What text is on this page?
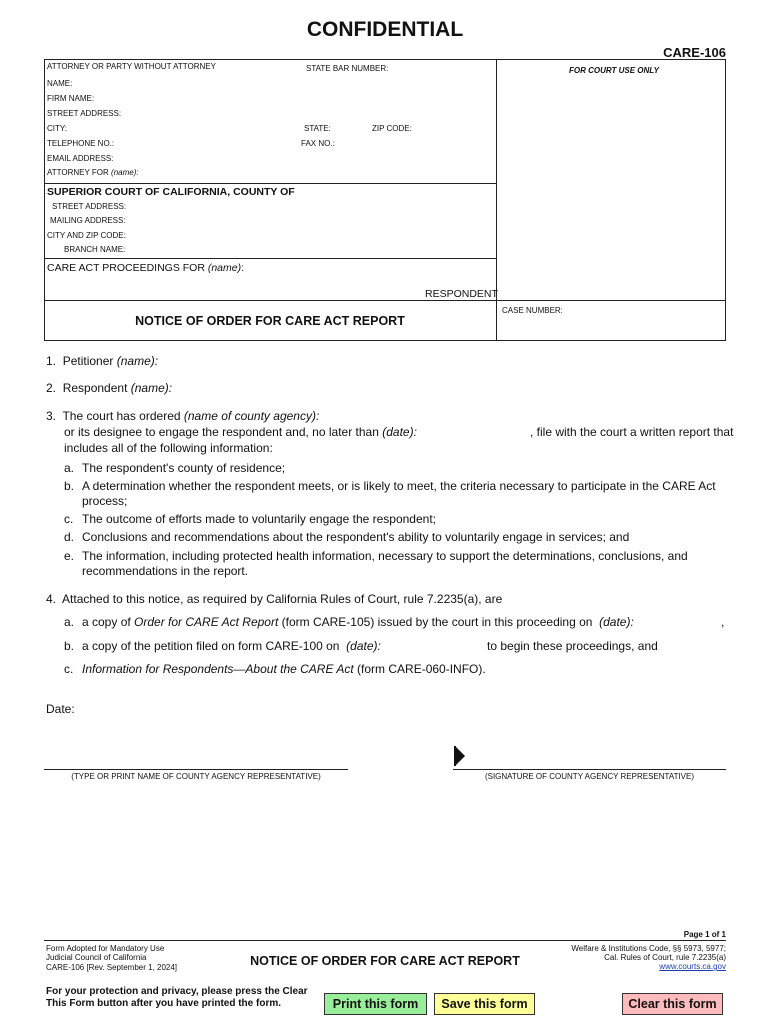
CONFIDENTIAL
CARE-106
ATTORNEY OR PARTY WITHOUT ATTORNEY	STATE BAR NUMBER:	FOR COURT USE ONLY
NAME:
FIRM NAME:
STREET ADDRESS:
CITY:	STATE:	ZIP CODE:
TELEPHONE NO.:	FAX NO.:
EMAIL ADDRESS:
ATTORNEY FOR (name):
SUPERIOR COURT OF CALIFORNIA, COUNTY OF
STREET ADDRESS:
MAILING ADDRESS:
CITY AND ZIP CODE:
BRANCH NAME:
CARE ACT PROCEEDINGS FOR (name):
RESPONDENT
CASE NUMBER:
NOTICE OF ORDER FOR CARE ACT REPORT
1. Petitioner (name):
2. Respondent (name):
3. The court has ordered (name of county agency):
or its designee to engage the respondent and, no later than (date):	, file with the court a written report that
includes all of the following information:
a. The respondent's county of residence;
b. A determination whether the respondent meets, or is likely to meet, the criteria necessary to participate in the CARE Act
process;
c. The outcome of efforts made to voluntarily engage the respondent;
d. Conclusions and recommendations about the respondent's ability to voluntarily engage in services; and
e. The information, including protected health information, necessary to support the determinations, conclusions, and
recommendations in the report.
4. Attached to this notice, as required by California Rules of Court, rule 7.2235(a), are
a. a copy of Order for CARE Act Report (form CARE-105) issued by the court in this proceeding on (date):	,
b. a copy of the petition filed on form CARE-100 on (date):	to begin these proceedings, and
c. Information for Respondents—About the CARE Act (form CARE-060-INFO).
Date:
(TYPE OR PRINT NAME OF COUNTY AGENCY REPRESENTATIVE)	(SIGNATURE OF COUNTY AGENCY REPRESENTATIVE)
Page 1 of 1
Form Adopted for Mandatory Use
Judicial Council of California
CARE-106 [Rev. September 1, 2024]	NOTICE OF ORDER FOR CARE ACT REPORT
Welfare & Institutions Code, §§ 5973, 5977;
Cal. Rules of Court, rule 7.2235(a)
www.courts.ca.gov
For your protection and privacy, please press the Clear
This Form button after you have printed the form.	Print this form	Save this form	Clear this form
